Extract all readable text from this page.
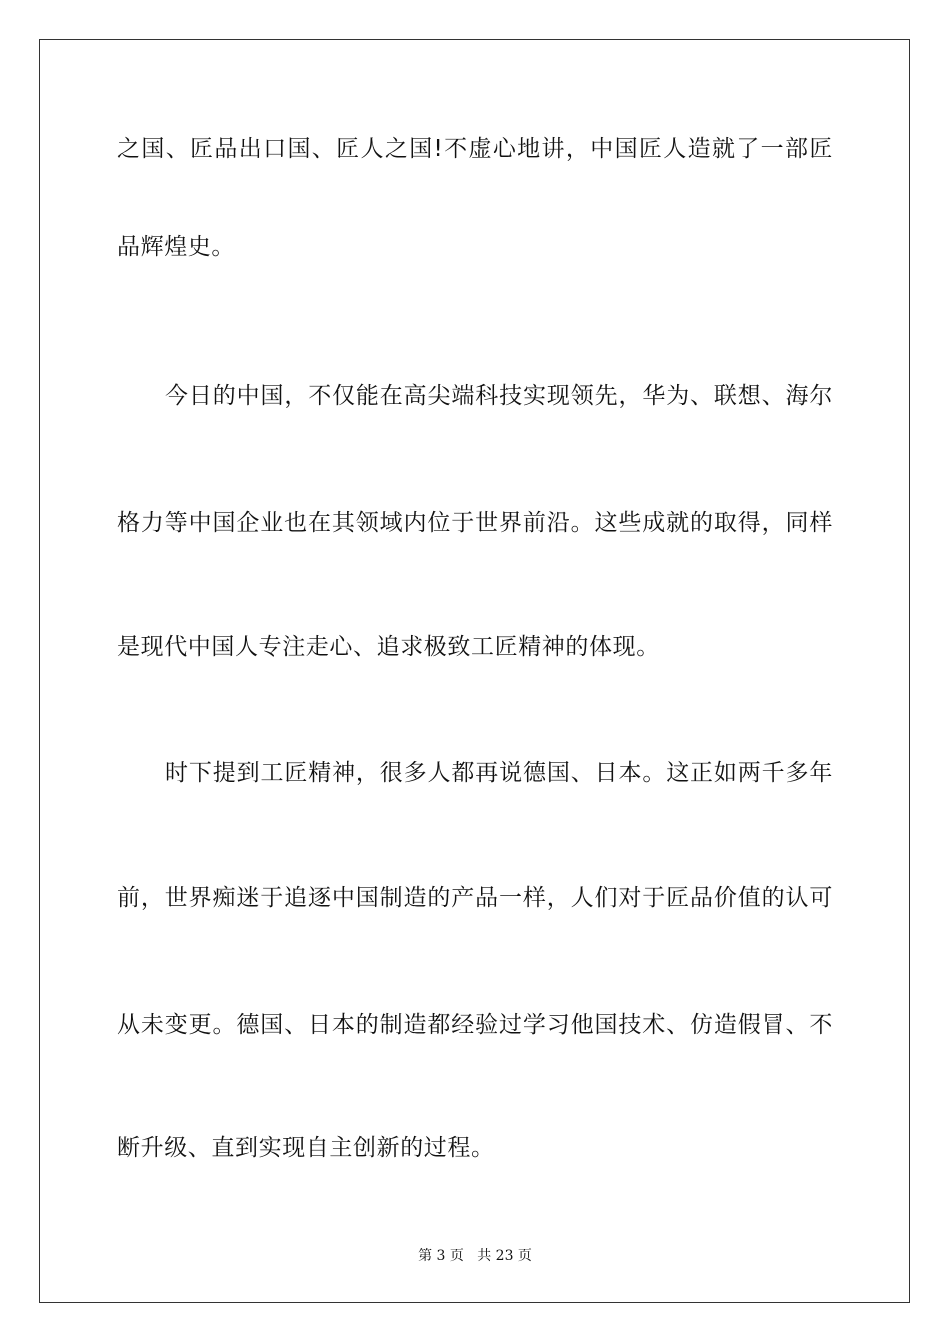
之国、匠品出口国、匠人之国!不虚心地讲，中国匠人造就了一部匠
品辉煌史。
今日的中国，不仅能在高尖端科技实现领先，华为、联想、海尔
格力等中国企业也在其领域内位于世界前沿。这些成就的取得，同样
是现代中国人专注走心、追求极致工匠精神的体现。
时下提到工匠精神，很多人都再说德国、日本。这正如两千多年
前，世界痴迷于追逐中国制造的产品一样，人们对于匠品价值的认可
从未变更。德国、日本的制造都经验过学习他国技术、仿造假冒、不
断升级、直到实现自主创新的过程。
第 3 页   共 23 页
